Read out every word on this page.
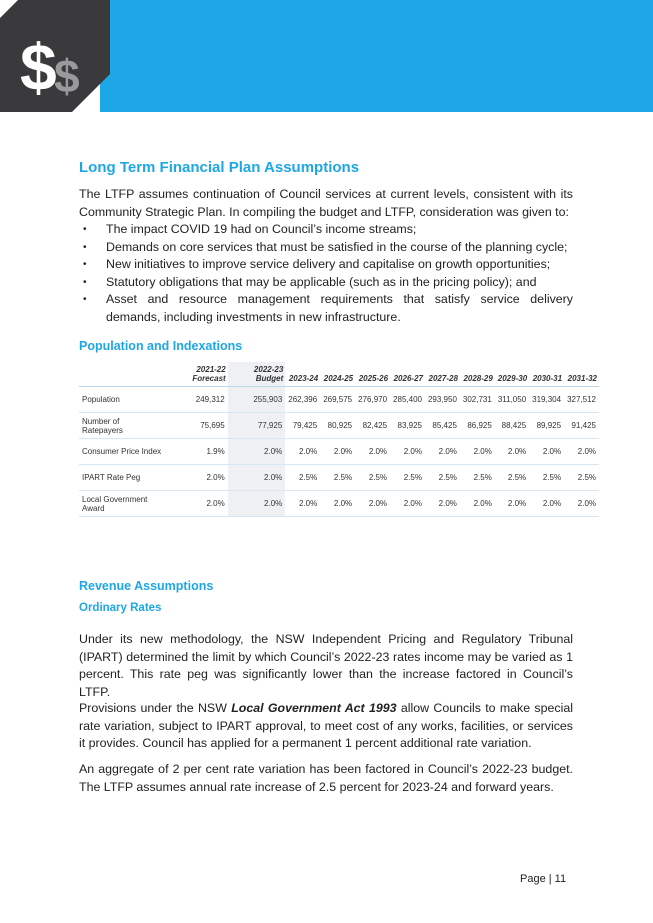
$
$
Long Term Financial Plan Assumptions

The LTFP assumes continuation of Council services at current levels, consistent with its Community Strategic Plan. In compiling the budget and LTFP, consideration was given to:

• The impact COVID 19 had on Council’s income streams;
• Demands on core services that must be satisfied in the course of the planning cycle;
• New initiatives to improve service delivery and capitalise on growth opportunities;
• Statutory obligations that may be applicable (such as in the pricing policy); and
• Asset and resource management requirements that satisfy service delivery demands, including investments in new infrastructure.
Population and Indexations
	2021-22 Forecast	2022-23 Budget	2023-24	2024-25	2025-26	2026-27	2027-28	2028-29	2029-30	2030-31	2031-32
Population	249,312	255,903	262,396	269,575	276,970	285,400	293,950	302,731	311,050	319,304	327,512
Number of Ratepayers	75,695	77,925	79,425	80,925	82,425	83,925	85,425	86,925	88,425	89,925	91,425
Consumer Price Index	1.9%	2.0%	2.0%	2.0%	2.0%	2.0%	2.0%	2.0%	2.0%	2.0%	2.0%
IPART Rate Peg	2.0%	2.0%	2.5%	2.5%	2.5%	2.5%	2.5%	2.5%	2.5%	2.5%	2.5%
Local Government Award	2.0%	2.0%	2.0%	2.0%	2.0%	2.0%	2.0%	2.0%	2.0%	2.0%	2.0%
Revenue Assumptions
Ordinary Rates

Under its new methodology, the NSW Independent Pricing and Regulatory Tribunal (IPART) determined the limit by which Council’s 2022-23 rates income may be varied as 1 percent. This rate peg was significantly lower than the increase factored in Council’s LTFP.

Provisions under the NSW Local Government Act 1993 allow Councils to make special rate variation, subject to IPART approval, to meet cost of any works, facilities, or services it provides. Council has applied for a permanent 1 percent additional rate variation.

An aggregate of 2 per cent rate variation has been factored in Council’s 2022-23 budget. The LTFP assumes annual rate increase of 2.5 percent for 2023-24 and forward years.

Page | 11
